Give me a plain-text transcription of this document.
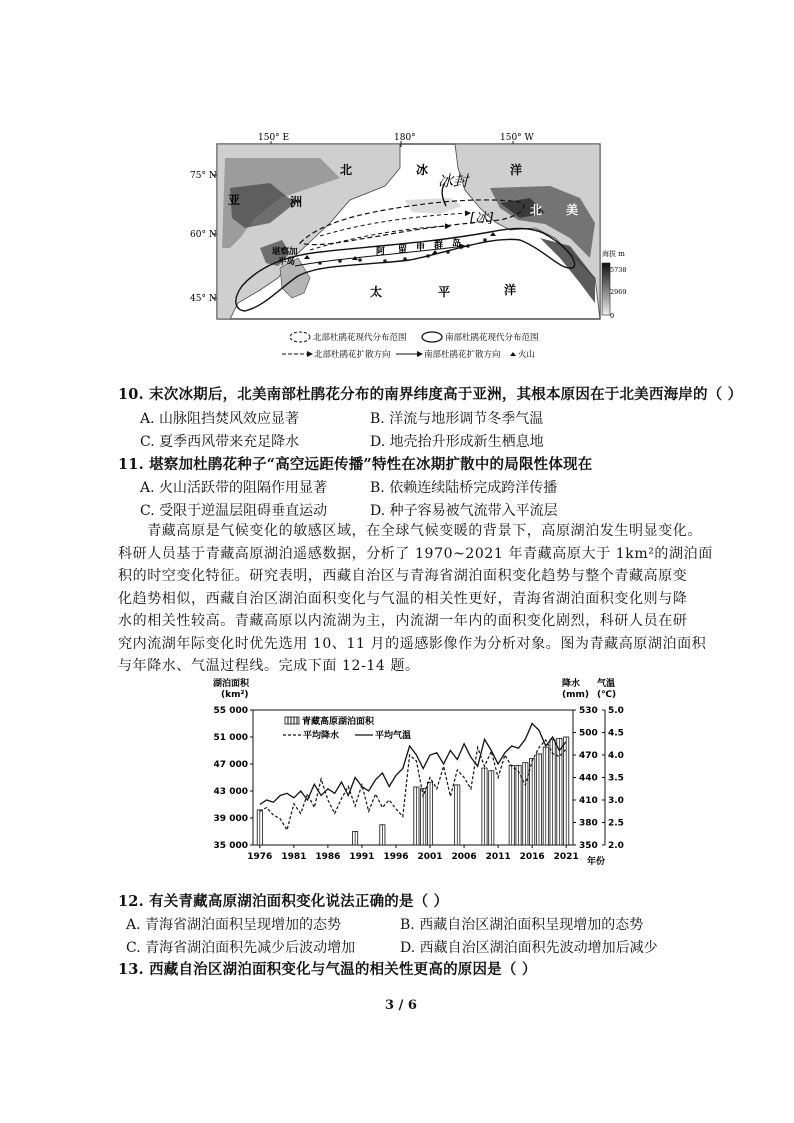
冰封
[冰]
150° E	180°	150° W
75° N
60° N
45° N
北	冰	洋
亚	洲
北 美
太	平	洋
堪察加
半岛
阿 留 申 群 岛
海拔 m
5738
2969
0
北部杜鹃花现代分布范围	南部杜鹃花现代分布范围
北部杜鹃花扩散方向	南部杜鹃花扩散方向 火山
10. 末次冰期后，北美南部杜鹃花分布的南界纬度高于亚洲，其根本原因在于北美西海岸的（ ）
A. 山脉阻挡焚风效应显著	B. 洋流与地形调节冬季气温
C. 夏季西风带来充足降水	D. 地壳抬升形成新生栖息地
11. 堪察加杜鹃花种子“高空远距传播”特性在冰期扩散中的局限性体现在
A. 火山活跃带的阻隔作用显著	B. 依赖连续陆桥完成跨洋传播
C. 受限于逆温层阻碍垂直运动	D. 种子容易被气流带入平流层
　　青藏高原是气候变化的敏感区域，在全球气候变暖的背景下，高原湖泊发生明显变化。
科研人员基于青藏高原湖泊遥感数据，分析了 1970~2021 年青藏高原大于 1km²的湖泊面
积的时空变化特征。研究表明，西藏自治区与青海省湖泊面积变化趋势与整个青藏高原变
化趋势相似，西藏自治区湖泊面积变化与气温的相关性更好，青海省湖泊面积变化则与降
水的相关性较高。青藏高原以内流湖为主，内流湖一年内的面积变化剧烈，科研人员在研
究内流湖年际变化时优先选用 10、11 月的遥感影像作为分析对象。图为青藏高原湖泊面积
与年降水、气温过程线。完成下面 12-14 题。
湖泊面积
(km²)
降水
(mm)
气温
(℃)
青藏高原湖泊面积
平均降水	平均气温
年份
55 000
51 000
47 000
43 000
39 000
35 000
530
500
470
440
410
380
350
5.0
4.5
4.0
3.5
3.0
2.5
2.0
1976 1981 1986 1991 1996 2001 2006 2011 2016 2021
12. 有关青藏高原湖泊面积变化说法正确的是（ ）
A. 青海省湖泊面积呈现增加的态势	B. 西藏自治区湖泊面积呈现增加的态势
C. 青海省湖泊面积先减少后波动增加	D. 西藏自治区湖泊面积先波动增加后减少
13. 西藏自治区湖泊面积变化与气温的相关性更高的原因是（ ）
3 / 6
